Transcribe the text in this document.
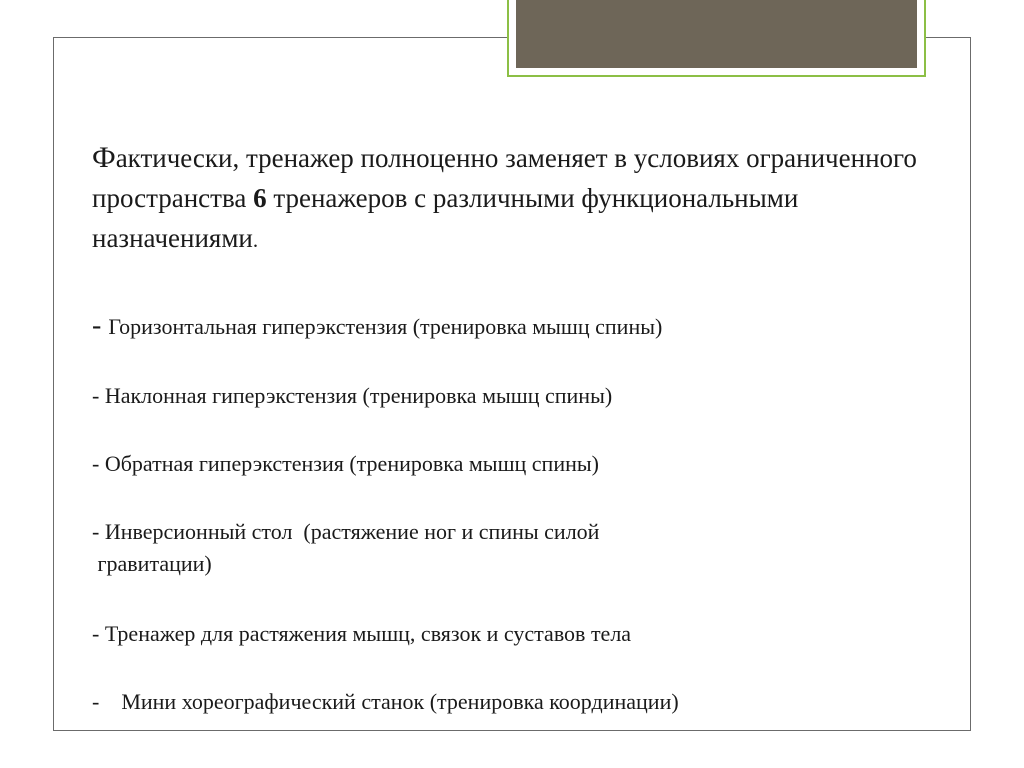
Фактически, тренажер полноценно заменяет в условиях ограниченного пространства 6 тренажеров с различными функциональными назначениями.

- Горизонтальная гиперэкстензия (тренировка мышц спины)
- Наклонная гиперэкстензия (тренировка мышц спины)
- Обратная гиперэкстензия (тренировка мышц спины)
- Инверсионный стол  (растяжение ног и спины силой
гравитации)
- Тренажер для растяжения мышц, связок и суставов тела
-    Мини хореографический станок (тренировка координации)
